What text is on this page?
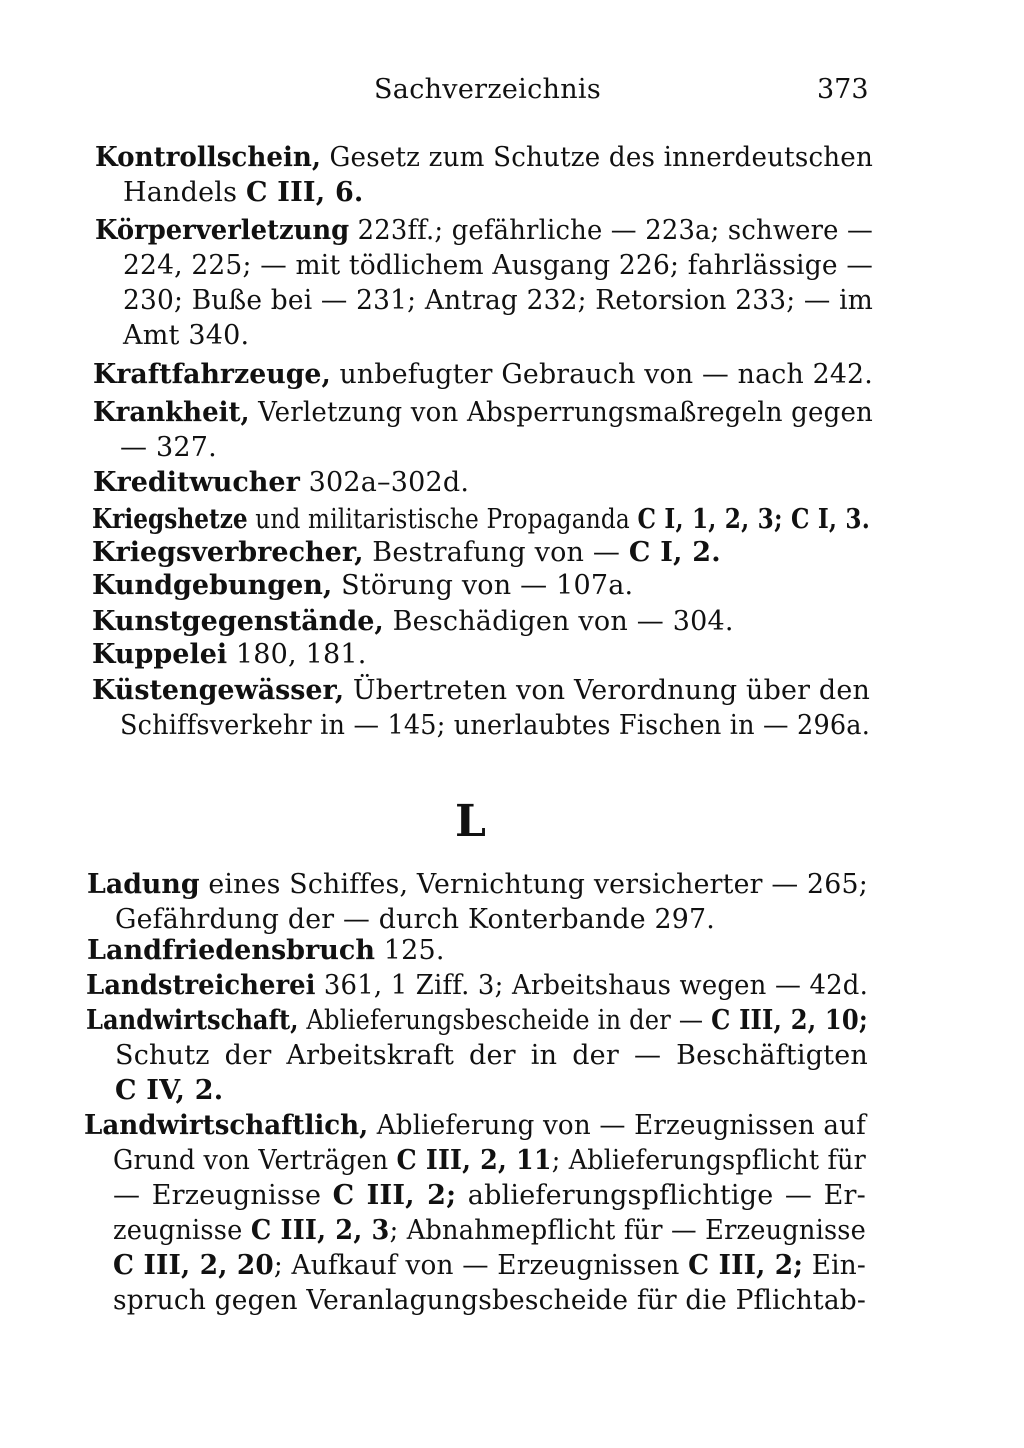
Sachverzeichnis	373
L
Kontrollschein, Gesetz zum Schutze des innerdeutschen
Handels C III, 6.
Körperverletzung 223ff.; gefährliche — 223a; schwere —
224, 225; — mit tödlichem Ausgang 226; fahrlässige —
230; Buße bei — 231; Antrag 232; Retorsion 233; — im
Amt 340.
Kraftfahrzeuge, unbefugter Gebrauch von — nach 242.
Krankheit, Verletzung von Absperrungsmaßregeln gegen
— 327.
Kreditwucher 302a–302d.
Kriegshetze und militaristische Propaganda C I, 1, 2, 3; C I, 3.
Kriegsverbrecher, Bestrafung von — C I, 2.
Kundgebungen, Störung von — 107a.
Kunstgegenstände, Beschädigen von — 304.
Kuppelei 180, 181.
Küstengewässer, Übertreten von Verordnung über den
Schiffsverkehr in — 145; unerlaubtes Fischen in — 296a.
Ladung eines Schiffes, Vernichtung versicherter — 265;
Gefährdung der — durch Konterbande 297.
Landfriedensbruch 125.
Landstreicherei 361, 1 Ziff. 3; Arbeitshaus wegen — 42d.
Landwirtschaft, Ablieferungsbescheide in der — C III, 2, 10;
Schutz der Arbeitskraft der in der — Beschäftigten
C IV, 2.
Landwirtschaftlich, Ablieferung von — Erzeugnissen auf
Grund von Verträgen C III, 2, 11; Ablieferungspflicht für
— Erzeugnisse C III, 2; ablieferungspflichtige — Er-
zeugnisse C III, 2, 3; Abnahmepflicht für — Erzeugnisse
C III, 2, 20; Aufkauf von — Erzeugnissen C III, 2; Ein-
spruch gegen Veranlagungsbescheide für die Pflichtab-
